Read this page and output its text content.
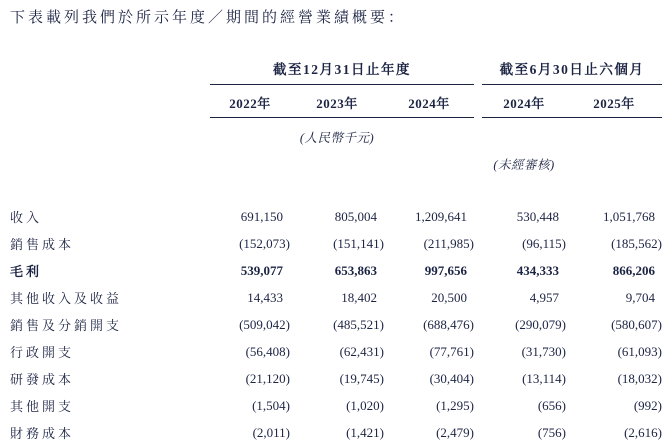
下表載列我們於所示年度／期間的經營業績概要：
	截至12月31日止年度				截至6月30日止六個月	
	2022年	2023年	2024年		2024年	2025年
		(人民幣千元)				
					(未經審核)	

收入	691,150	805,004	1,209,641		530,448	1,051,768
銷售成本	(152,073)	(151,141)	(211,985)		(96,115)	(185,562)
毛利	539,077	653,863	997,656		434,333	866,206
其他收入及收益	14,433	18,402	20,500		4,957	9,704
銷售及分銷開支	(509,042)	(485,521)	(688,476)		(290,079)	(580,607)
行政開支	(56,408)	(62,431)	(77,761)		(31,730)	(61,093)
研發成本	(21,120)	(19,745)	(30,404)		(13,114)	(18,032)
其他開支	(1,504)	(1,020)	(1,295)		(656)	(992)
財務成本	(2,011)	(1,421)	(2,479)		(756)	(2,616)
